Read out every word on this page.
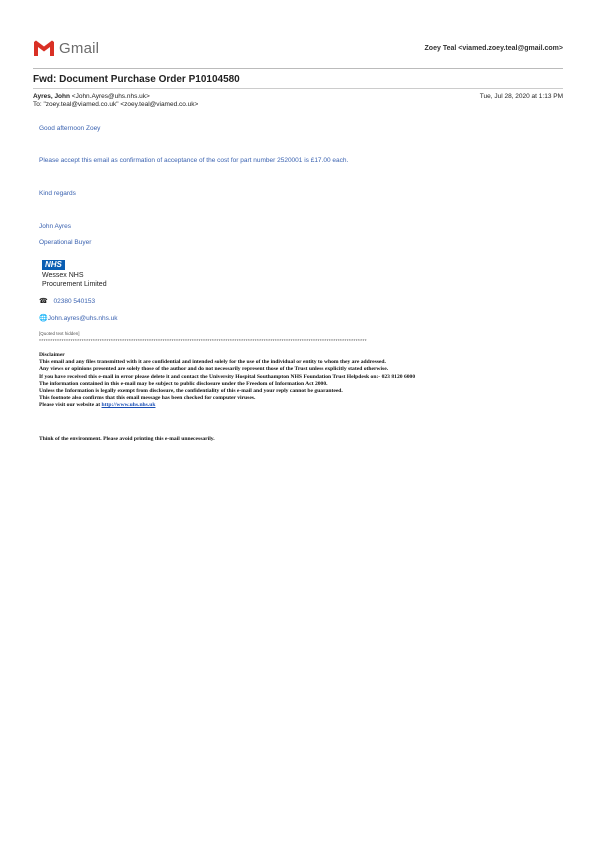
Gmail	Zoey Teal <viamed.zoey.teal@gmail.com>
Fwd: Document Purchase Order P10104580
Ayres, John <John.Ayres@uhs.nhs.uk>	Tue, Jul 28, 2020 at 1:13 PM
To: "zoey.teal@viamed.co.uk" <zoey.teal@viamed.co.uk>
Good afternoon Zoey
Please accept this email as confirmation of acceptance of the cost for part number 2520001 is £17.00 each.
Kind regards
John Ayres
Operational Buyer
NHS
Wessex NHS
Procurement Limited
☎ 02380 540153
🌐John.ayres@uhs.nhs.uk
[Quoted text hidden]
**************************************************************************************************************************************************
Disclaimer
This email and any files transmitted with it are confidential and intended solely for the use of the individual or entity to whom they are addressed.
Any views or opinions presented are solely those of the author and do not necessarily represent those of the Trust unless explicitly stated otherwise.
If you have received this e-mail in error please delete it and contact the University Hospital Southampton NHS Foundation Trust Helpdesk on:- 023 8120 6000
The information contained in this e-mail may be subject to public disclosure under the Freedom of Information Act 2000.
Unless the Information is legally exempt from disclosure, the confidentiality of this e-mail and your reply cannot be guaranteed.
This footnote also confirms that this email message has been checked for computer viruses.
Please visit our website at http://www.uhs.nhs.uk
Think of the environment. Please avoid printing this e-mail unnecessarily.
